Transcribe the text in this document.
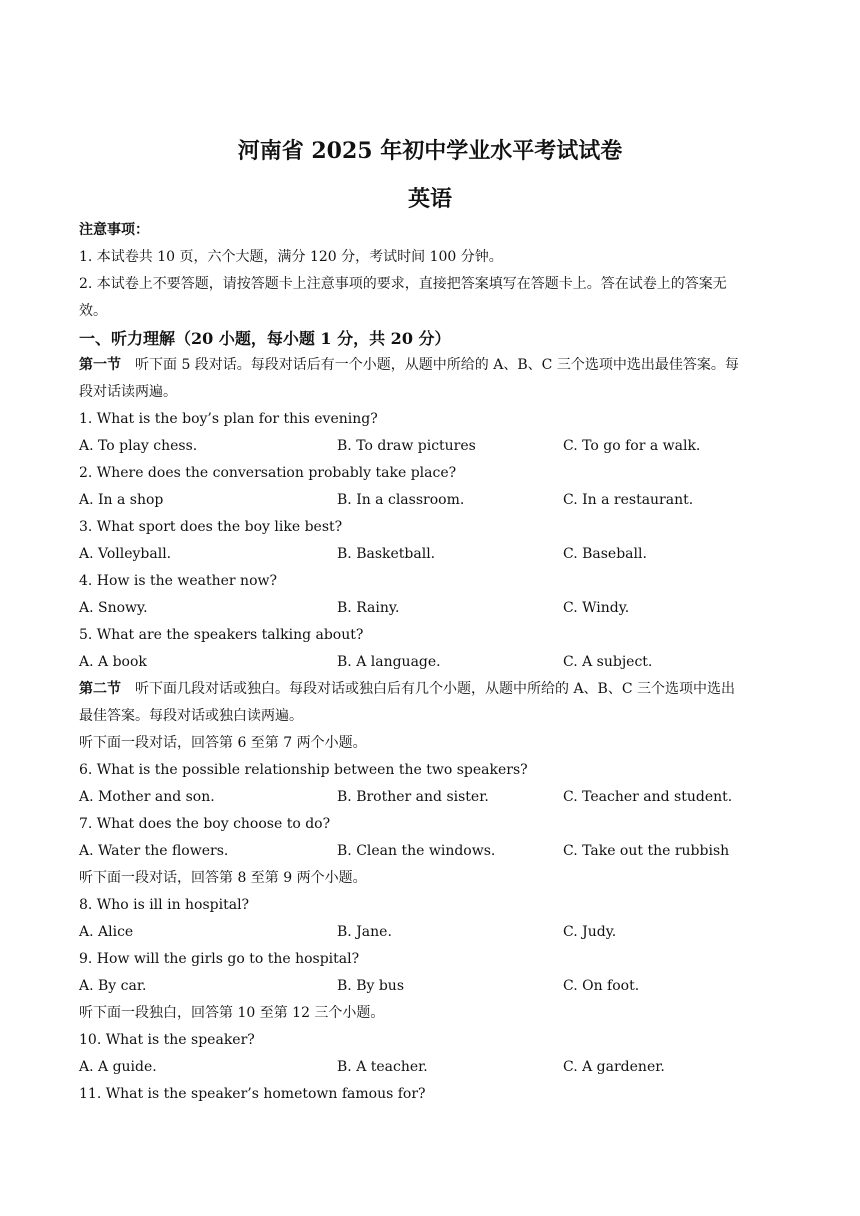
河南省 2025 年初中学业水平考试试卷
英语
注意事项：
1. 本试卷共 10 页，六个大题，满分 120 分，考试时间 100 分钟。
2. 本试卷上不要答题，请按答题卡上注意事项的要求，直接把答案填写在答题卡上。答在试卷上的答案无
效。
一、听力理解（20 小题，每小题 1 分，共 20 分）
第一节 听下面 5 段对话。每段对话后有一个小题，从题中所给的 A、B、C 三个选项中选出最佳答案。每
段对话读两遍。
1. What is the boy’s plan for this evening?
A. To play chess.	B. To draw pictures	C. To go for a walk.
2. Where does the conversation probably take place?
A. In a shop	B. In a classroom.	C. In a restaurant.
3. What sport does the boy like best?
A. Volleyball.	B. Basketball.	C. Baseball.
4. How is the weather now?
A. Snowy.	B. Rainy.	C. Windy.
5. What are the speakers talking about?
A. A book	B. A language.	C. A subject.
第二节 听下面几段对话或独白。每段对话或独白后有几个小题，从题中所给的 A、B、C 三个选项中选出
最佳答案。每段对话或独白读两遍。
听下面一段对话，回答第 6 至第 7 两个小题。
6. What is the possible relationship between the two speakers?
A. Mother and son.	B. Brother and sister.	C. Teacher and student.
7. What does the boy choose to do?
A. Water the flowers.	B. Clean the windows.	C. Take out the rubbish
听下面一段对话，回答第 8 至第 9 两个小题。
8. Who is ill in hospital?
A. Alice	B. Jane.	C. Judy.
9. How will the girls go to the hospital?
A. By car.	B. By bus	C. On foot.
听下面一段独白，回答第 10 至第 12 三个小题。
10. What is the speaker?
A. A guide.	B. A teacher.	C. A gardener.
11. What is the speaker’s hometown famous for?
